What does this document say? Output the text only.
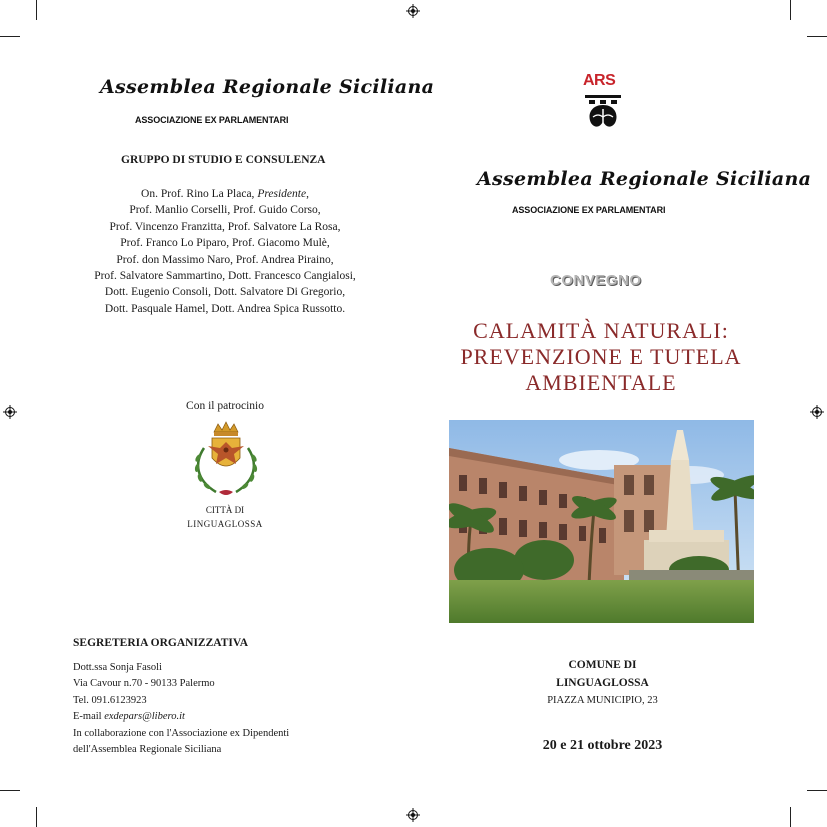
Assemblea Regionale Siciliana
ASSOCIAZIONE EX PARLAMENTARI
GRUPPO DI STUDIO E CONSULENZA
On. Prof. Rino La Placa, Presidente,
Prof. Manlio Corselli, Prof. Guido Corso,
Prof. Vincenzo Franzitta, Prof. Salvatore La Rosa,
Prof. Franco Lo Piparo, Prof. Giacomo Mulè,
Prof. don Massimo Naro, Prof. Andrea Piraino,
Prof. Salvatore Sammartino, Dott. Francesco Cangialosi,
Dott. Eugenio Consoli, Dott. Salvatore Di Gregorio,
Dott. Pasquale Hamel, Dott. Andrea Spica Russotto.
Con il patrocinio
CITTÀ DI
LINGUAGLOSSA
SEGRETERIA ORGANIZZATIVA
Dott.ssa Sonja Fasoli
Via Cavour n.70 - 90133 Palermo
Tel. 091.6123923
E-mail exdepars@libero.it
In collaborazione con l'Associazione ex Dipendenti
dell'Assemblea Regionale Siciliana
ARS
Assemblea Regionale Siciliana
ASSOCIAZIONE EX PARLAMENTARI
CONVEGNO
CALAMITÀ NATURALI:
PREVENZIONE E TUTELA
AMBIENTALE
COMUNE DI
LINGUAGLOSSA
PIAZZA MUNICIPIO, 23
20 e 21 ottobre 2023
